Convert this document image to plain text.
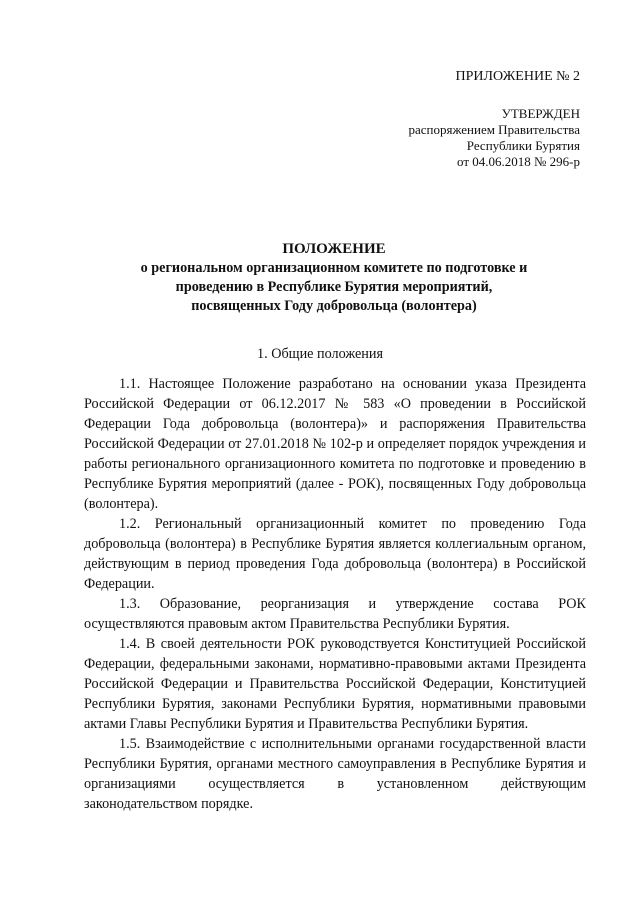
ПРИЛОЖЕНИЕ № 2
УТВЕРЖДЕН
распоряжением Правительства
Республики Бурятия
от 04.06.2018 № 296-р
ПОЛОЖЕНИЕ
о региональном организационном комитете по подготовке и
проведению в Республике Бурятия мероприятий,
посвященных Году добровольца (волонтера)
1. Общие положения

1.1. Настоящее Положение разработано на основании указа Президента Российской Федерации от 06.12.2017 № 583 «О проведении в Российской Федерации Года добровольца (волонтера)» и распоряжения Правительства Российской Федерации от 27.01.2018 № 102-р и определяет порядок учреждения и работы регионального организационного комитета по подготовке и проведению в Республике Бурятия мероприятий (далее - РОК), посвященных Году добровольца (волонтера).

1.2. Региональный организационный комитет по проведению Года добровольца (волонтера) в Республике Бурятия является коллегиальным органом, действующим в период проведения Года добровольца (волонтера) в Российской Федерации.

1.3. Образование, реорганизация и утверждение состава РОК осуществляются правовым актом Правительства Республики Бурятия.

1.4. В своей деятельности РОК руководствуется Конституцией Российской Федерации, федеральными законами, нормативно-правовыми актами Президента Российской Федерации и Правительства Российской Федерации, Конституцией Республики Бурятия, законами Республики Бурятия, нормативными правовыми актами Главы Республики Бурятия и Правительства Республики Бурятия.

1.5. Взаимодействие с исполнительными органами государственной власти Республики Бурятия, органами местного самоуправления в Республике Бурятия и организациями осуществляется в установленном действующим законодательством порядке.
